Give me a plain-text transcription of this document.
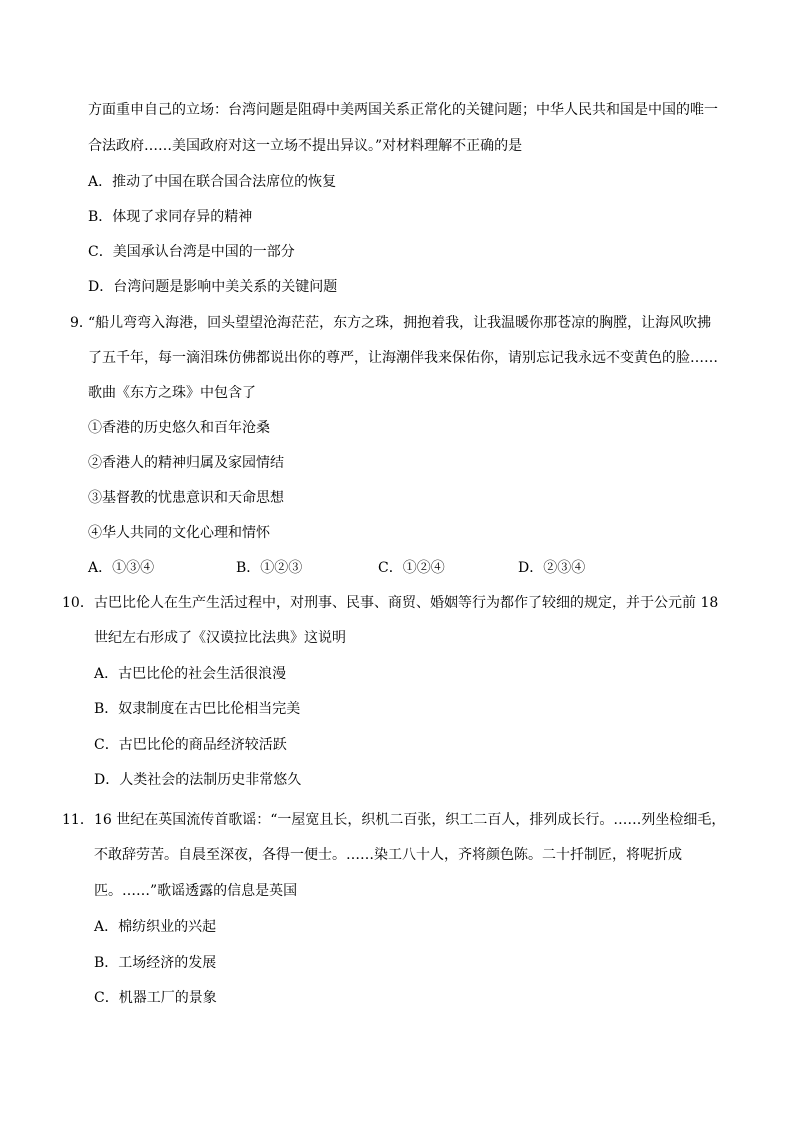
方面重申自己的立场：台湾问题是阻碍中美两国关系正常化的关键问题；中华人民共和国是中国的唯一
合法政府……美国政府对这一立场不提出异议。”对材料理解不正确的是
A．推动了中国在联合国合法席位的恢复
B．体现了求同存异的精神
C．美国承认台湾是中国的一部分
D．台湾问题是影响中美关系的关键问题
9．
“船儿弯弯入海港，回头望望沧海茫茫，东方之珠，拥抱着我，让我温暖你那苍凉的胸膛，让海风吹拂
了五千年，每一滴泪珠仿佛都说出你的尊严，让海潮伴我来保佑你，请别忘记我永远不变黄色的脸……
歌曲《东方之珠》中包含了
①香港的历史悠久和百年沧桑
②香港人的精神归属及家园情结
③基督教的忧患意识和天命思想
④华人共同的文化心理和情怀
A．①③④	B．①②③	C．①②④	D．②③④
10． 古巴比伦人在生产生活过程中，对刑事、民事、商贸、婚姻等行为都作了较细的规定，并于公元前 18
世纪左右形成了《汉谟拉比法典》这说明
A．古巴比伦的社会生活很浪漫
B．奴隶制度在古巴比伦相当完美
C．古巴比伦的商品经济较活跃
D．人类社会的法制历史非常悠久
11． 16 世纪在英国流传首歌谣：“一屋宽且长，织机二百张，织工二百人，排列成长行。……列坐检细毛，
不敢辞劳苦。自晨至深夜，各得一便士。……染工八十人，齐将颜色陈。二十扦制匠，将呢折成
匹。……”歌谣透露的信息是英国
A．棉纺织业的兴起
B．工场经济的发展
C．机器工厂的景象
